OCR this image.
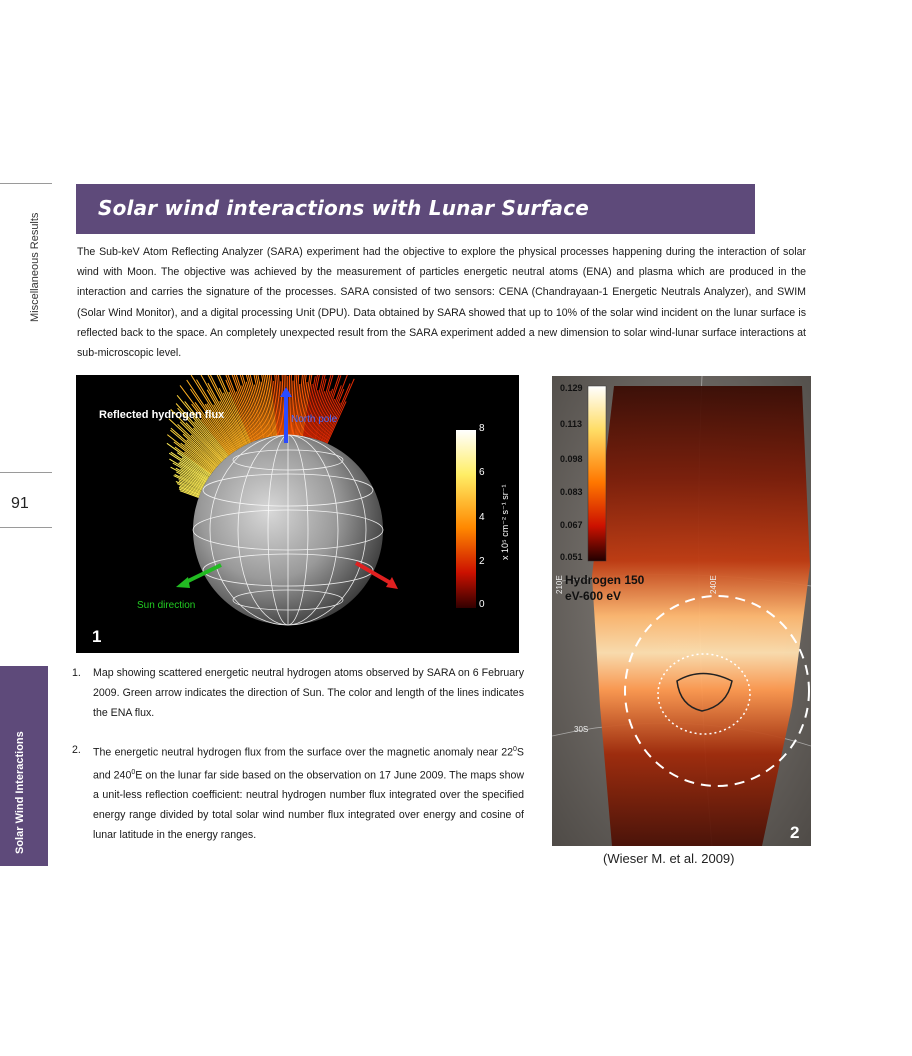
Miscellaneous Results
91
Solar Wind Interactions
Solar wind interactions with Lunar Surface

The Sub-keV Atom Reflecting Analyzer (SARA) experiment had the objective to explore the physical processes happening during the interaction of solar wind with Moon. The objective was achieved by the measurement of particles energetic neutral atoms (ENA) and plasma which are produced in the interaction and carries the signature of the processes. SARA consisted of two sensors: CENA (Chandrayaan-1 Energetic Neutrals Analyzer), and SWIM (Solar Wind Monitor), and a digital processing Unit (DPU). Data obtained by SARA showed that up to 10% of the solar wind incident on the lunar surface is reflected back to the space. An completely unexpected result from the SARA experiment added a new dimension to solar wind-lunar surface interactions at sub-microscopic level.

North pole
Sun direction
Reflected hydrogen flux
8
6
4
2
0
x 10⁵ cm⁻² s⁻¹ sr⁻¹
1
0.129
0.113
0.098
0.083
0.067
0.051
Hydrogen 150
eV-600 eV
210E	240E
30S
2
1. Map showing scattered energetic neutral hydrogen atoms observed by SARA on 6 February 2009. Green arrow indicates the direction of Sun. The color and length of the lines indicates the ENA flux.
2. The energetic neutral hydrogen flux from the surface over the magnetic anomaly near $22^0S$ and $240^0E$ on the lunar far side based on the observation on 17 June 2009. The maps show a unit-less reflection coefficient: neutral hydrogen number flux integrated over the specified energy range divided by total solar wind number flux integrated over energy and cosine of lunar latitude in the energy ranges.
(Wieser M. et al. 2009)
